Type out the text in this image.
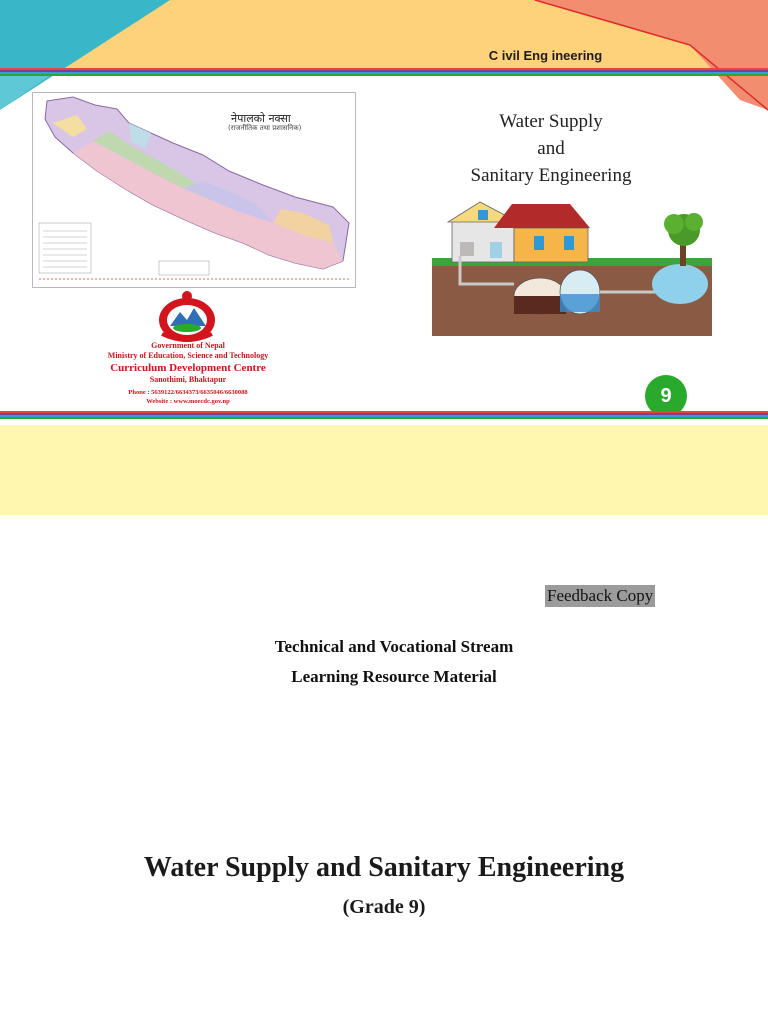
C ivil Eng ineering
नेपालको नक्सा
(राजनीतिक तथा प्रशासनिक)	Water Supply
and
Sanitary Engineering
Government of Nepal
Ministry of Education, Science and Technology
Curriculum Development Centre
Sanothimi, Bhaktapur
Phone : 5639122/6634373/6635046/6630088
Website : www.moecdc.gov.np	9
Feedback Copy
Technical and Vocational Stream
Learning Resource Material
Water Supply and Sanitary Engineering
(Grade 9)
